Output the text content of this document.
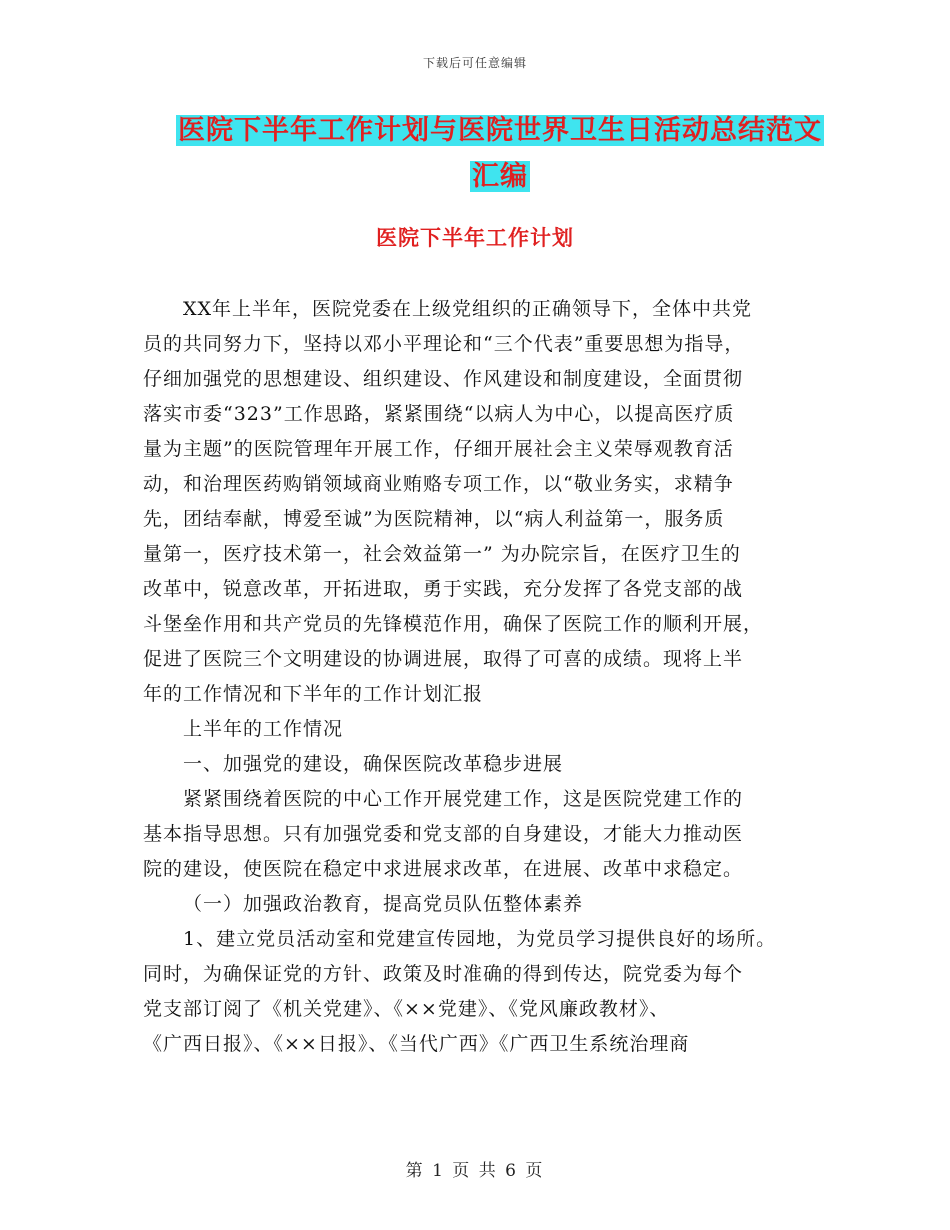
下载后可任意编辑
医院下半年工作计划与医院世界卫生日活动总结范文
汇编
医院下半年工作计划
XX年上半年，医院党委在上级党组织的正确领导下，全体中共党
员的共同努力下，坚持以邓小平理论和“三个代表”重要思想为指导，
仔细加强党的思想建设、组织建设、作风建设和制度建设，全面贯彻
落实市委“323”工作思路，紧紧围绕“以病人为中心，以提高医疗质
量为主题”的医院管理年开展工作，仔细开展社会主义荣辱观教育活
动，和治理医药购销领域商业贿赂专项工作，以“敬业务实，求精争
先，团结奉献，博爱至诚”为医院精神，以“病人利益第一，服务质
量第一，医疗技术第一，社会效益第一” 为办院宗旨，在医疗卫生的
改革中，锐意改革，开拓进取，勇于实践，充分发挥了各党支部的战
斗堡垒作用和共产党员的先锋模范作用，确保了医院工作的顺利开展，
促进了医院三个文明建设的协调进展，取得了可喜的成绩。现将上半
年的工作情况和下半年的工作计划汇报
上半年的工作情况
一、加强党的建设，确保医院改革稳步进展
紧紧围绕着医院的中心工作开展党建工作，这是医院党建工作的
基本指导思想。只有加强党委和党支部的自身建设，才能大力推动医
院的建设，使医院在稳定中求进展求改革，在进展、改革中求稳定。
（一）加强政治教育，提高党员队伍整体素养
1、建立党员活动室和党建宣传园地，为党员学习提供良好的场所。
同时，为确保证党的方针、政策及时准确的得到传达，院党委为每个
党支部订阅了《机关党建》、《××党建》、《党风廉政教材》、
《广西日报》、《××日报》、《当代广西》《广西卫生系统治理商
第 1 页 共 6 页
